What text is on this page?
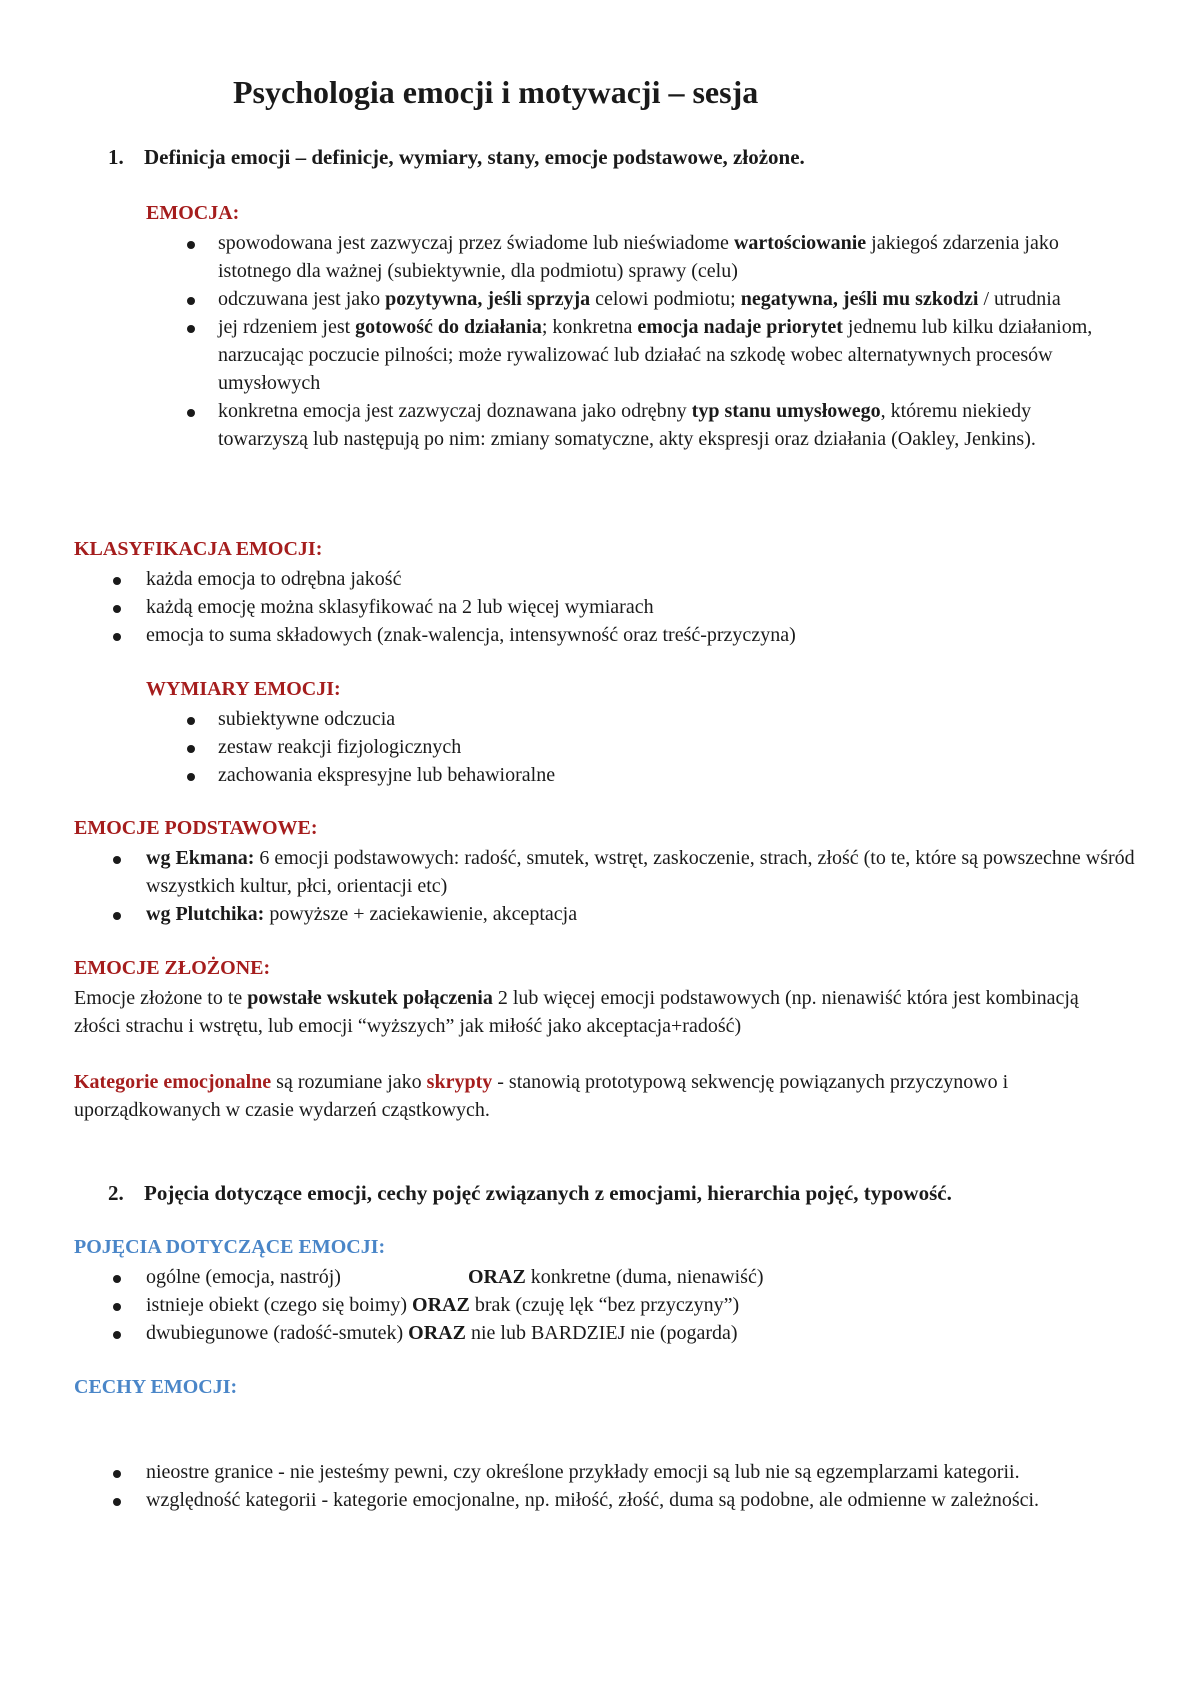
Psychologia emocji i motywacji – sesja
1. Definicja emocji – definicje, wymiary, stany, emocje podstawowe, złożone.
EMOCJA:
spowodowana jest zazwyczaj przez świadome lub nieświadome wartościowanie jakiegoś zdarzenia jako istotnego dla ważnej (subiektywnie, dla podmiotu) sprawy (celu)
odczuwana jest jako pozytywna, jeśli sprzyja celowi podmiotu; negatywna, jeśli mu szkodzi / utrudnia
jej rdzeniem jest gotowość do działania; konkretna emocja nadaje priorytet jednemu lub kilku działaniom, narzucając poczucie pilności; może rywalizować lub działać na szkodę wobec alternatywnych procesów umysłowych
konkretna emocja jest zazwyczaj doznawana jako odrębny typ stanu umysłowego, któremu niekiedy towarzyszą lub następują po nim: zmiany somatyczne, akty ekspresji oraz działania (Oakley, Jenkins).
KLASYFIKACJA EMOCJI:
każda emocja to odrębna jakość
każdą emocję można sklasyfikować na 2 lub więcej wymiarach
emocja to suma składowych (znak-walencja, intensywność oraz treść-przyczyna)
WYMIARY EMOCJI:
subiektywne odczucia
zestaw reakcji fizjologicznych
zachowania ekspresyjne lub behawioralne
EMOCJE PODSTAWOWE:
wg Ekmana: 6 emocji podstawowych: radość, smutek, wstręt, zaskoczenie, strach, złość (to te, które są powszechne wśród wszystkich kultur, płci, orientacji etc)
wg Plutchika: powyższe + zaciekawienie, akceptacja
EMOCJE ZŁOŻONE:

Emocje złożone to te powstałe wskutek połączenia 2 lub więcej emocji podstawowych (np. nienawiść która jest kombinacją złości strachu i wstrętu, lub emocji “wyższych” jak miłość jako akceptacja+radość)

Kategorie emocjonalne są rozumiane jako skrypty - stanowią prototypową sekwencję powiązanych przyczynowo i uporządkowanych w czasie wydarzeń cząstkowych.

2. Pojęcia dotyczące emocji, cechy pojęć związanych z emocjami, hierarchia pojęć, typowość.
POJĘCIA DOTYCZĄCE EMOCJI:
ogólne (emocja, nastrój)	ORAZ konkretne (duma, nienawiść)
istnieje obiekt (czego się boimy) ORAZ brak (czuję lęk “bez przyczyny”)
dwubiegunowe (radość-smutek) ORAZ nie lub BARDZIEJ nie (pogarda)
CECHY EMOCJI:
nieostre granice - nie jesteśmy pewni, czy określone przykłady emocji są lub nie są egzemplarzami kategorii.
względność kategorii - kategorie emocjonalne, np. miłość, złość, duma są podobne, ale odmienne w zależności.
